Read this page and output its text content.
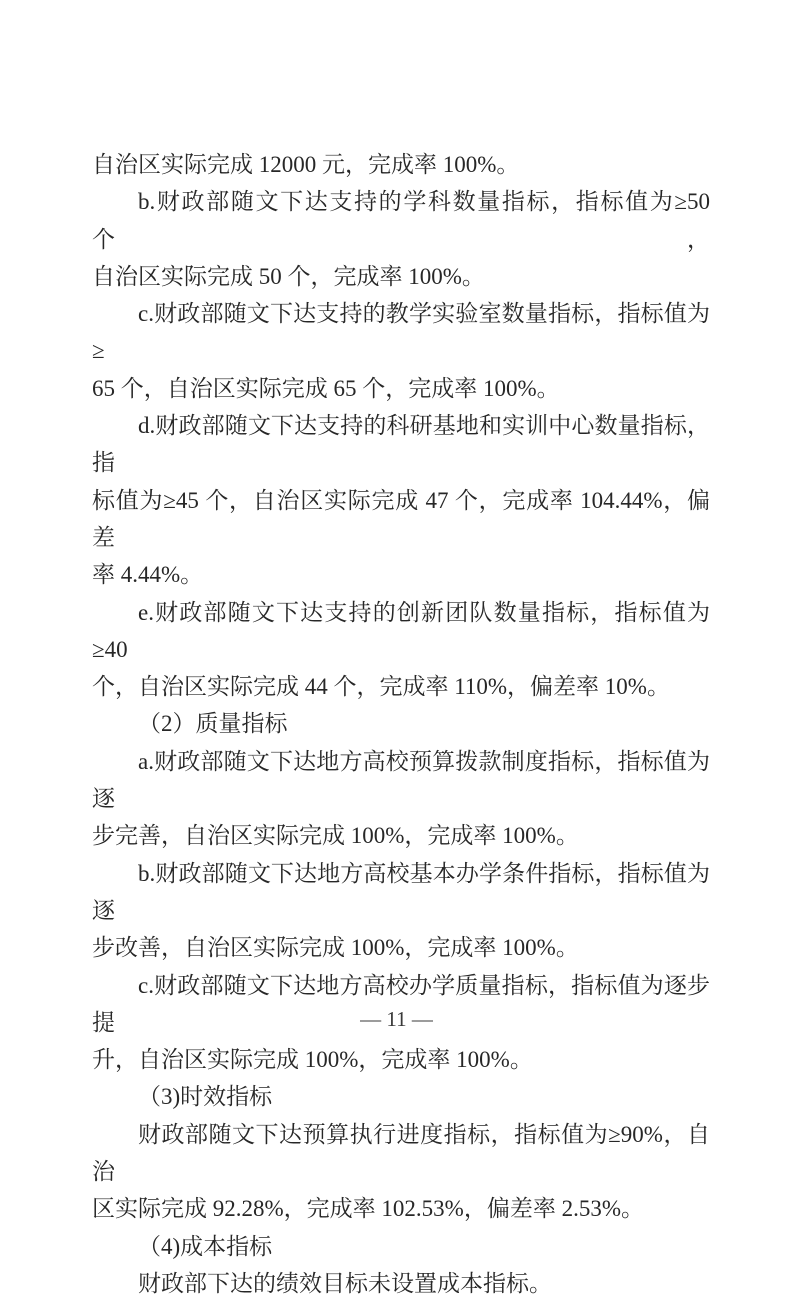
自治区实际完成 12000 元，完成率 100%。
b.财政部随文下达支持的学科数量指标，指标值为≥50 个，
自治区实际完成 50 个，完成率 100%。
c.财政部随文下达支持的教学实验室数量指标，指标值为≥
65 个，自治区实际完成 65 个，完成率 100%。
d.财政部随文下达支持的科研基地和实训中心数量指标，指
标值为≥45 个，自治区实际完成 47 个，完成率 104.44%，偏差
率 4.44%。
e.财政部随文下达支持的创新团队数量指标，指标值为≥40
个，自治区实际完成 44 个，完成率 110%，偏差率 10%。
（2）质量指标
a.财政部随文下达地方高校预算拨款制度指标，指标值为逐
步完善，自治区实际完成 100%，完成率 100%。
b.财政部随文下达地方高校基本办学条件指标，指标值为逐
步改善，自治区实际完成 100%，完成率 100%。
c.财政部随文下达地方高校办学质量指标，指标值为逐步提
升，自治区实际完成 100%，完成率 100%。
（3)时效指标
财政部随文下达预算执行进度指标，指标值为≥90%，自治
区实际完成 92.28%，完成率 102.53%，偏差率 2.53%。
（4)成本指标
财政部下达的绩效目标未设置成本指标。
— 11 —
